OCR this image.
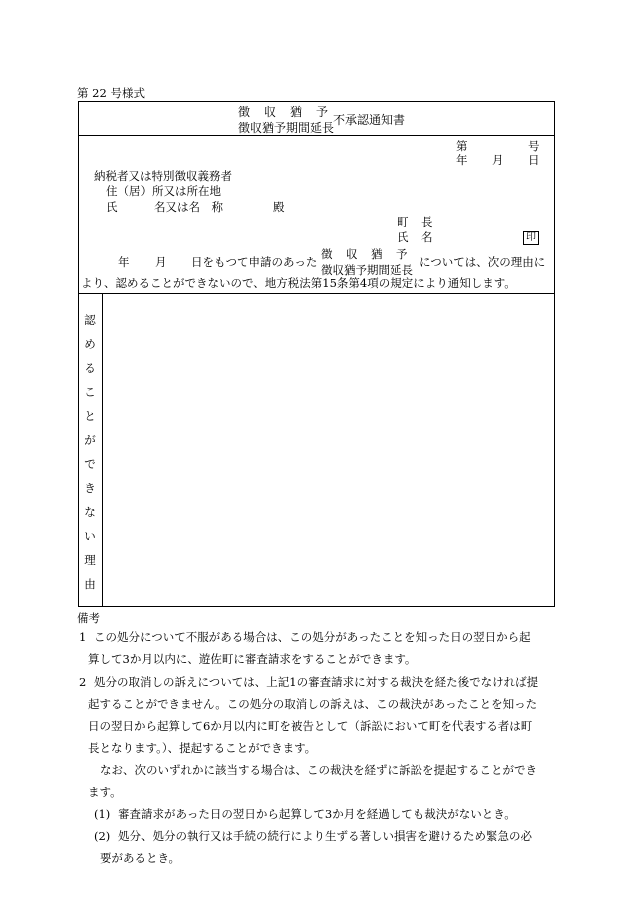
第 22 号様式
徴　収　猶　予
徴収猶予期間延長
不承認通知書
第	号
年 月 日
納税者又は特別徴収義務者
住（居）所又は所在地
氏	名又は名　称	殿
町 長
氏 名	印
年 月 日をもつて申請のあった
徴　収　猶　予
徴収猶予期間延長
については、次の理由に
より、認めることができないので、地方税法第15条第4項の規定により通知します。
認
め
る
こ
と
が
で
き
な
い
理
由
備考
1 この処分について不服がある場合は、この処分があったことを知った日の翌日から起
算して3か月以内に、遊佐町に審査請求をすることができます。
2 処分の取消しの訴えについては、上記1の審査請求に対する裁決を経た後でなければ提
起することができません。この処分の取消しの訴えは、この裁決があったことを知った
日の翌日から起算して6か月以内に町を被告として（訴訟において町を代表する者は町
長となります。）、提起することができます。
なお、次のいずれかに該当する場合は、この裁決を経ずに訴訟を提起することができ
ます。
(1) 審査請求があった日の翌日から起算して3か月を経過しても裁決がないとき。
(2) 処分、処分の執行又は手続の続行により生ずる著しい損害を避けるため緊急の必
要があるとき。
